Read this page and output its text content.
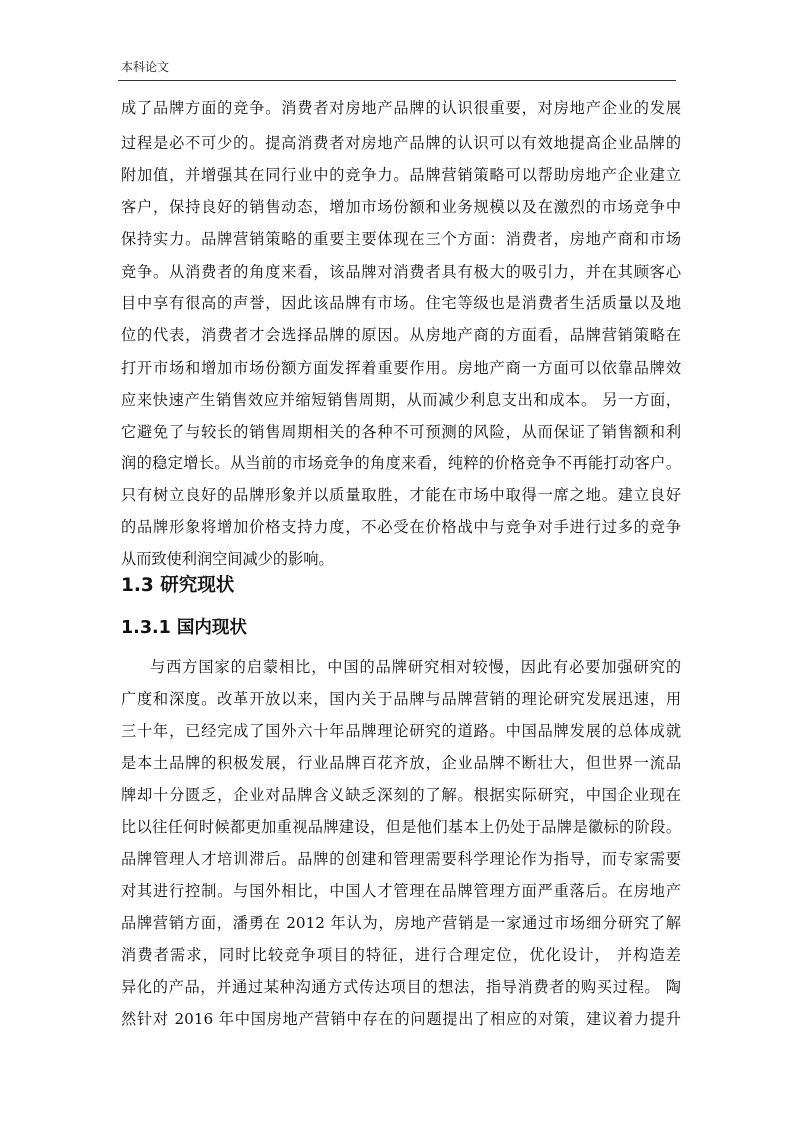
本科论文
成了品牌方面的竞争。消费者对房地产品牌的认识很重要，对房地产企业的发展
过程是必不可少的。提高消费者对房地产品牌的认识可以有效地提高企业品牌的
附加值，并增强其在同行业中的竞争力。品牌营销策略可以帮助房地产企业建立
客户，保持良好的销售动态，增加市场份额和业务规模以及在激烈的市场竞争中
保持实力。品牌营销策略的重要主要体现在三个方面：消费者，房地产商和市场
竞争。从消费者的角度来看，该品牌对消费者具有极大的吸引力，并在其顾客心
目中享有很高的声誉，因此该品牌有市场。住宅等级也是消费者生活质量以及地
位的代表，消费者才会选择品牌的原因。从房地产商的方面看，品牌营销策略在
打开市场和增加市场份额方面发挥着重要作用。房地产商一方面可以依靠品牌效
应来快速产生销售效应并缩短销售周期，从而减少利息支出和成本。 另一方面，
它避免了与较长的销售周期相关的各种不可预测的风险，从而保证了销售额和利
润的稳定增长。从当前的市场竞争的角度来看，纯粹的价格竞争不再能打动客户。
只有树立良好的品牌形象并以质量取胜，才能在市场中取得一席之地。建立良好
的品牌形象将增加价格支持力度，不必受在价格战中与竞争对手进行过多的竞争
从而致使利润空间减少的影响。
1.3 研究现状
1.3.1 国内现状
与西方国家的启蒙相比，中国的品牌研究相对较慢，因此有必要加强研究的
广度和深度。改革开放以来，国内关于品牌与品牌营销的理论研究发展迅速，用
三十年，已经完成了国外六十年品牌理论研究的道路。中国品牌发展的总体成就
是本土品牌的积极发展，行业品牌百花齐放，企业品牌不断壮大，但世界一流品
牌却十分匮乏，企业对品牌含义缺乏深刻的了解。根据实际研究，中国企业现在
比以往任何时候都更加重视品牌建设，但是他们基本上仍处于品牌是徽标的阶段。
品牌管理人才培训滞后。品牌的创建和管理需要科学理论作为指导，而专家需要
对其进行控制。与国外相比，中国人才管理在品牌管理方面严重落后。在房地产
品牌营销方面，潘勇在 2012 年认为，房地产营销是一家通过市场细分研究了解
消费者需求，同时比较竞争项目的特征，进行合理定位，优化设计， 并构造差
异化的产品，并通过某种沟通方式传达项目的想法，指导消费者的购买过程。 陶
然针对 2016 年中国房地产营销中存在的问题提出了相应的对策，建议着力提升
